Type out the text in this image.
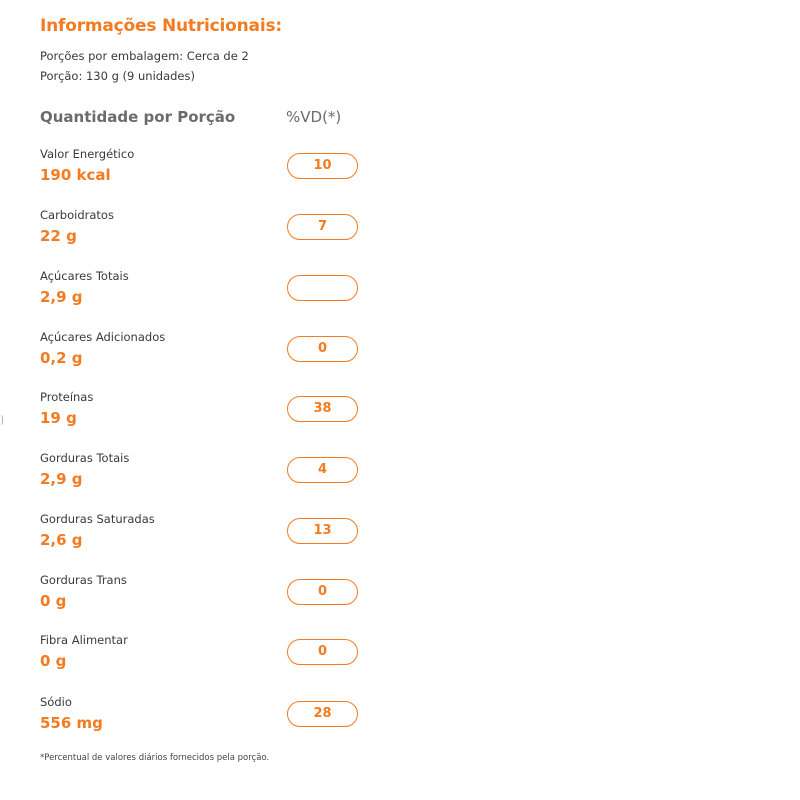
Informações Nutricionais:
Porções por embalagem: Cerca de 2
Porção: 130 g (9 unidades)
Quantidade por Porção	%VD(*)
Valor Energético
190 kcal
10
Carboidratos
22 g
7
Açúcares Totais
2,9 g
Açúcares Adicionados
0,2 g
0
Proteínas
19 g
38
Gorduras Totais
2,9 g
4
Gorduras Saturadas
2,6 g
13
Gorduras Trans
0 g
0
Fibra Alimentar
0 g
0
Sódio
556 mg
28
*Percentual de valores diários fornecidos pela porção.
